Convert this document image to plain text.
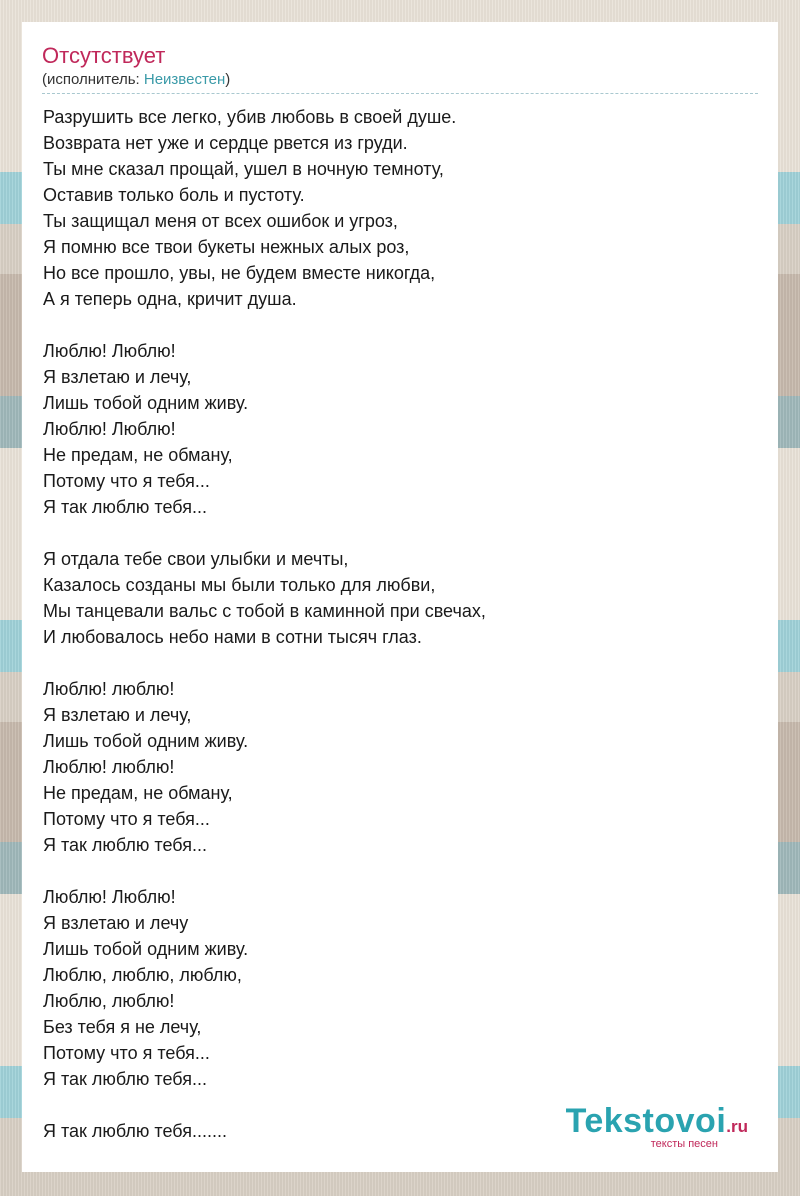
Отсутствует
(исполнитель: Неизвестен)
Разрушить все легко, убив любовь в своей душе.
Возврата нет уже и сердце рвется из груди.
Ты мне сказал прощай, ушел в ночную темноту,
Оставив только боль и пустоту.
Ты защищал меня от всех ошибок и угроз,
Я помню все твои букеты нежных алых роз,
Но все прошло, увы, не будем вместе никогда,
А я теперь одна, кричит душа.
Люблю! Люблю!
Я взлетаю и лечу,
Лишь тобой одним живу.
Люблю! Люблю!
Не предам, не обману,
Потому что я тебя...
Я так люблю тебя...
Я отдала тебе свои улыбки и мечты,
Казалось созданы мы были только для любви,
Мы танцевали вальс с тобой в каминной при свечах,
И любовалось небо нами в сотни тысяч глаз.
Люблю! люблю!
Я взлетаю и лечу,
Лишь тобой одним живу.
Люблю! люблю!
Не предам, не обману,
Потому что я тебя...
Я так люблю тебя...
Люблю! Люблю!
Я взлетаю и лечу
Лишь тобой одним живу.
Люблю, люблю, люблю,
Люблю, люблю!
Без тебя я не лечу,
Потому что я тебя...
Я так люблю тебя...
Я так люблю тебя.......	Tekstovoi.ru
тексты песен
